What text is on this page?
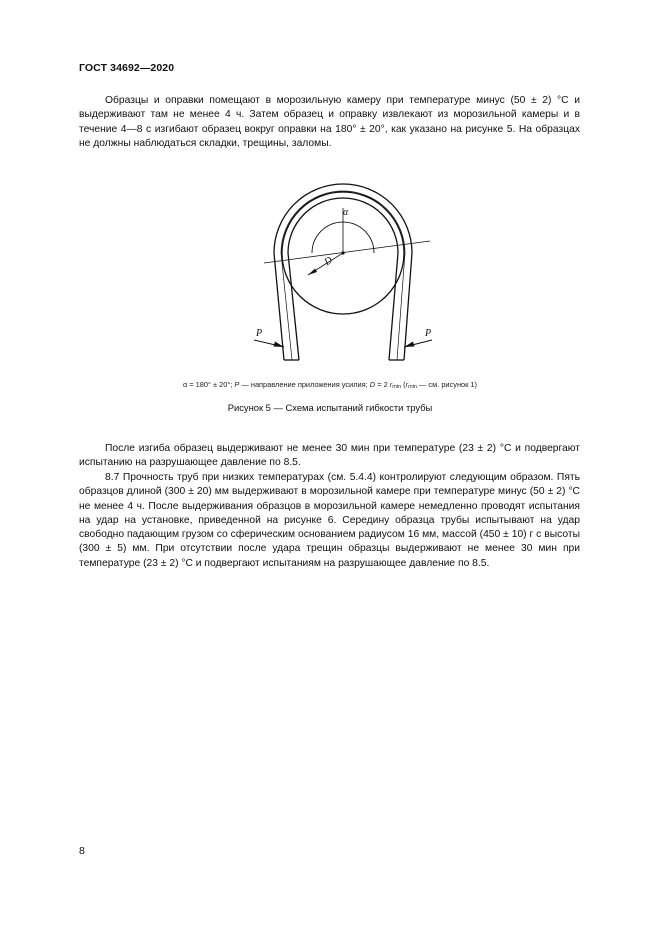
ГОСТ 34692—2020

Образцы и оправки помещают в морозильную камеру при температуре минус (50 ± 2) °С и выдерживают там не менее 4 ч. Затем образец и оправку извлекают из морозильной камеры и в течение 4—8 с изгибают образец вокруг оправки на 180° ± 20°, как указано на рисунке 5. На образцах не должны наблюдаться складки, трещины, заломы.

α
D
P	P
α = 180° ± 20°; P — направление приложения усилия; D = 2 $r_{min}$ ($r_{min}$ — см. рисунок 1)
Рисунок 5 — Схема испытаний гибкости трубы

После изгиба образец выдерживают не менее 30 мин при температуре (23 ± 2) °С и подвергают испытанию на разрушающее давление по 8.5.

8.7 Прочность труб при низких температурах (см. 5.4.4) контролируют следующим образом. Пять образцов длиной (300 ± 20) мм выдерживают в морозильной камере при температуре минус (50 ± 2) °С не менее 4 ч. После выдерживания образцов в морозильной камере немедленно проводят испытания на удар на установке, приведенной на рисунке 6. Середину образца трубы испытывают на удар свободно падающим грузом со сферическим основанием радиусом 16 мм, массой (450 ± 10) г с высоты (300 ± 5) мм. При отсутствии после удара трещин образцы выдерживают не менее 30 мин при температуре (23 ± 2) °С и подвергают испытаниям на разрушающее давление по 8.5.

8
